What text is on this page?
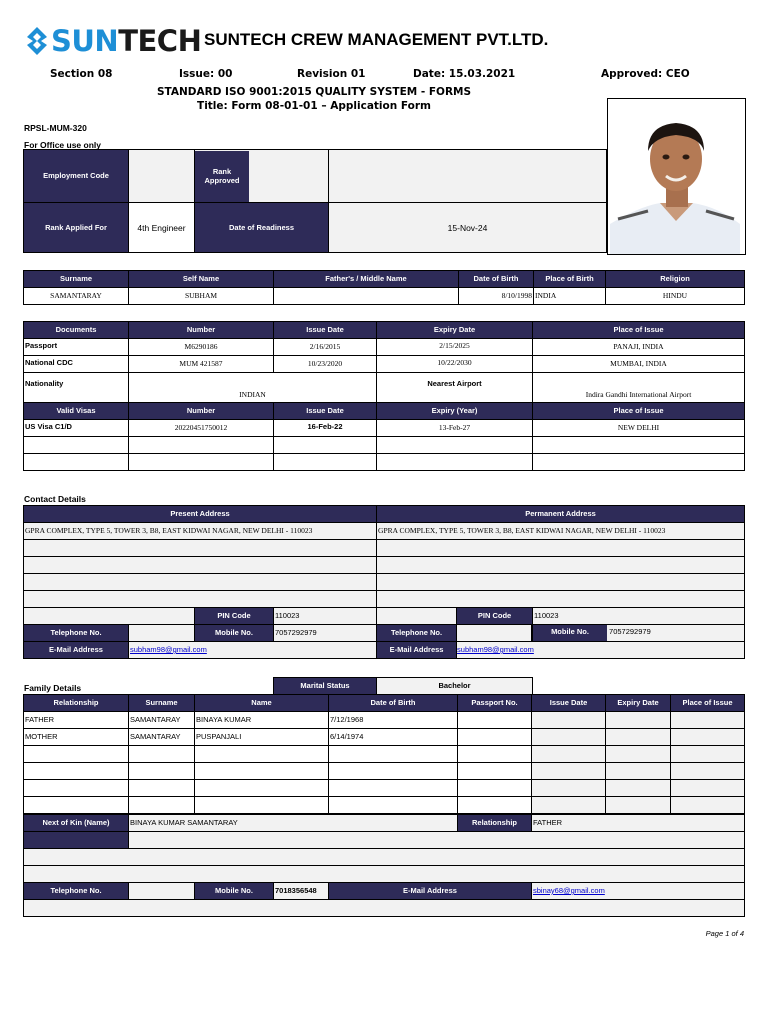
SUNTECH SUNTECH CREW MANAGEMENT PVT.LTD.
Section 08	Issue: 00	Revision 01	Date: 15.03.2021	Approved: CEO
STANDARD ISO 9001:2015 QUALITY SYSTEM - FORMS
Title: Form 08-01-01 – Application Form
RPSL-MUM-320
For Office use only
Employment Code		Rank Approved	

Rank Applied For	4th Engineer	Date of Readiness	15-Nov-24
Surname	Self Name	Father's / Middle Name	Date of Birth	Place of Birth	Religion
SAMANTARAY	SUBHAM		8/10/1998	INDIA	HINDU
Documents	Number	Issue Date	Expiry Date	Place of Issue
Passport	M6290186	2/16/2015	2/15/2025	PANAJI, INDIA
National CDC	MUM 421587	10/23/2020	10/22/2030	MUMBAI, INDIA
Nationality	INDIAN		Nearest Airport	Indira Gandhi International Airport
Valid Visas	Number	Issue Date	Expiry (Year)	Place of Issue
US Visa C1/D	20220451750012	16-Feb-22	13-Feb-27	NEW DELHI

Contact Details
Present Address				Permanent Address		
GPRA COMPLEX, TYPE 5, TOWER 3, B8, EAST KIDWAI NAGAR, NEW DELHI - 110023				GPRA COMPLEX, TYPE 5, TOWER 3, B8, EAST KIDWAI NAGAR, NEW DELHI - 110023		

		PIN Code	110023		PIN Code	110023
Telephone No.		Mobile No.	7057292979	Telephone No.		Mobile No. 7057292979

E-Mail Address	subham98@gmail.com			E-Mail Address	subham98@gmail.com	
Family Details	Marital Status	Bachelor
Relationship	Surname	Name	Date of Birth	Passport No.	Issue Date	Expiry Date	Place of Issue
FATHER	SAMANTARAY	BINAYA KUMAR	7/12/1968				
MOTHER	SAMANTARAY	PUSPANJALI	6/14/1974				

Next of Kin (Name)	BINAYA KUMAR SAMANTARAY				Relationship	FATHER

Telephone No.		Mobile No.	7018356548	E-Mail Address		sbinay68@gmail.com

Page 1 of 4
